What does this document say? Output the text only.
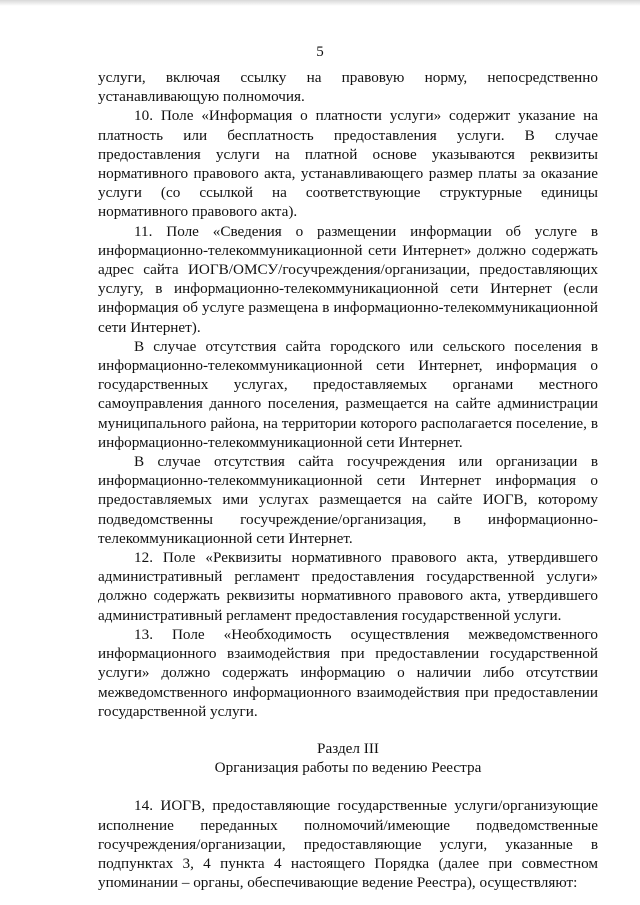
5

услуги, включая ссылку на правовую норму, непосредственно устанавливающую полномочия.

10. Поле «Информация о платности услуги» содержит указание на платность или бесплатность предоставления услуги. В случае предоставления услуги на платной основе указываются реквизиты нормативного правового акта, устанавливающего размер платы за оказание услуги (со ссылкой на соответствующие структурные единицы нормативного правового акта).

11. Поле «Сведения о размещении информации об услуге в информационно-телекоммуникационной сети Интернет» должно содержать адрес сайта ИОГВ/ОМСУ/госучреждения/организации, предоставляющих услугу, в информационно-телекоммуникационной сети Интернет (если информация об услуге размещена в информационно-телекоммуникационной сети Интернет).

В случае отсутствия сайта городского или сельского поселения в информационно-телекоммуникационной сети Интернет, информация о государственных услугах, предоставляемых органами местного самоуправления данного поселения, размещается на сайте администрации муниципального района, на территории которого располагается поселение, в информационно-телекоммуникационной сети Интернет.

В случае отсутствия сайта госучреждения или организации в информационно-телекоммуникационной сети Интернет информация о предоставляемых ими услугах размещается на сайте ИОГВ, которому подведомственны госучреждение/организация, в информационно-телекоммуникационной сети Интернет.

12. Поле «Реквизиты нормативного правового акта, утвердившего административный регламент предоставления государственной услуги» должно содержать реквизиты нормативного правового акта, утвердившего административный регламент предоставления государственной услуги.

13. Поле «Необходимость осуществления межведомственного информационного взаимодействия при предоставлении государственной услуги» должно содержать информацию о наличии либо отсутствии межведомственного информационного взаимодействия при предоставлении государственной услуги.

Раздел III
Организация работы по ведению Реестра

14. ИОГВ, предоставляющие государственные услуги/организующие исполнение переданных полномочий/имеющие подведомственные госучреждения/организации, предоставляющие услуги, указанные в подпунктах 3, 4 пункта 4 настоящего Порядка (далее при совместном упоминании – органы, обеспечивающие ведение Реестра), осуществляют:
